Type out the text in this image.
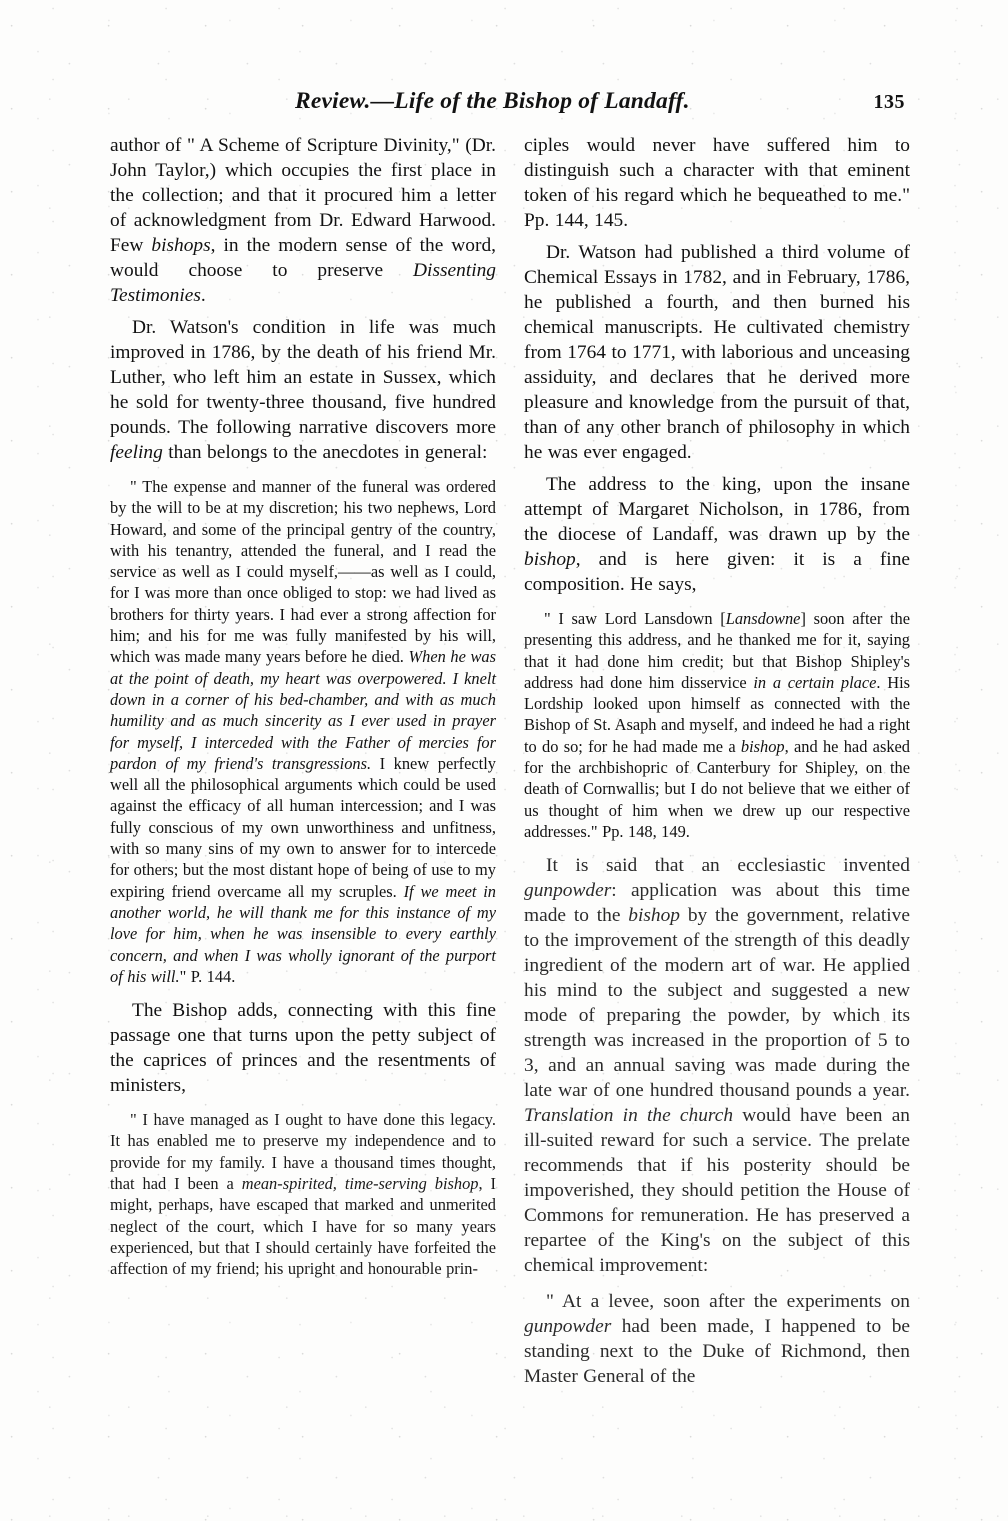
Review.—Life of the Bishop of Landaff.	135

author of " A Scheme of Scripture Divinity," (Dr. John Taylor,) which occupies the first place in the collection; and that it procured him a letter of acknowledgment from Dr. Edward Harwood. Few bishops, in the modern sense of the word, would choose to preserve Dissenting Testimonies.

Dr. Watson's condition in life was much improved in 1786, by the death of his friend Mr. Luther, who left him an estate in Sussex, which he sold for twenty-three thousand, five hundred pounds. The following narrative discovers more feeling than belongs to the anecdotes in general:

" The expense and manner of the funeral was ordered by the will to be at my discretion; his two nephews, Lord Howard, and some of the principal gentry of the country, with his tenantry, attended the funeral, and I read the service as well as I could myself,——as well as I could, for I was more than once obliged to stop: we had lived as brothers for thirty years. I had ever a strong affection for him; and his for me was fully manifested by his will, which was made many years before he died. When he was at the point of death, my heart was overpowered. I knelt down in a corner of his bed-chamber, and with as much humility and as much sincerity as I ever used in prayer for myself, I interceded with the Father of mercies for pardon of my friend's transgressions. I knew perfectly well all the philosophical arguments which could be used against the efficacy of all human intercession; and I was fully conscious of my own unworthiness and unfitness, with so many sins of my own to answer for to intercede for others; but the most distant hope of being of use to my expiring friend overcame all my scruples. If we meet in another world, he will thank me for this instance of my love for him, when he was insensible to every earthly concern, and when I was wholly ignorant of the purport of his will." P. 144.

The Bishop adds, connecting with this fine passage one that turns upon the petty subject of the caprices of princes and the resentments of ministers,

" I have managed as I ought to have done this legacy. It has enabled me to preserve my independence and to provide for my family. I have a thousand times thought, that had I been a mean-spirited, time-serving bishop, I might, perhaps, have escaped that marked and unmerited neglect of the court, which I have for so many years experienced, but that I should certainly have forfeited the affection of my friend; his upright and honourable prin-

ciples would never have suffered him to distinguish such a character with that eminent token of his regard which he bequeathed to me." Pp. 144, 145.

Dr. Watson had published a third volume of Chemical Essays in 1782, and in February, 1786, he published a fourth, and then burned his chemical manuscripts. He cultivated chemistry from 1764 to 1771, with laborious and unceasing assiduity, and declares that he derived more pleasure and knowledge from the pursuit of that, than of any other branch of philosophy in which he was ever engaged.

The address to the king, upon the insane attempt of Margaret Nicholson, in 1786, from the diocese of Landaff, was drawn up by the bishop, and is here given: it is a fine composition. He says,

" I saw Lord Lansdown [Lansdowne] soon after the presenting this address, and he thanked me for it, saying that it had done him credit; but that Bishop Shipley's address had done him disservice in a certain place. His Lordship looked upon himself as connected with the Bishop of St. Asaph and myself, and indeed he had a right to do so; for he had made me a bishop, and he had asked for the archbishopric of Canterbury for Shipley, on the death of Cornwallis; but I do not believe that we either of us thought of him when we drew up our respective addresses." Pp. 148, 149.

It is said that an ecclesiastic invented gunpowder: application was about this time made to the bishop by the government, relative to the improvement of the strength of this deadly ingredient of the modern art of war. He applied his mind to the subject and suggested a new mode of preparing the powder, by which its strength was increased in the proportion of 5 to 3, and an annual saving was made during the late war of one hundred thousand pounds a year. Translation in the church would have been an ill-suited reward for such a service. The prelate recommends that if his posterity should be impoverished, they should petition the House of Commons for remuneration. He has preserved a repartee of the King's on the subject of this chemical improvement:

" At a levee, soon after the experiments on gunpowder had been made, I happened to be standing next to the Duke of Richmond, then Master General of the
